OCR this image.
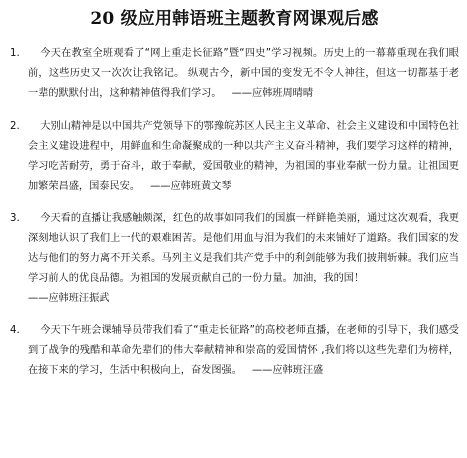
20 级应用韩语班主题教育网课观后感
1.	今天在教室全班观看了“网上重走长征路”暨“四史”学习视频。历史上的一幕幕重现在我们眼前，这些历史又一次次让我铭记。 纵观古今，新中国的变发无不令人神往，但这一切都基于老一辈的默默付出，这种精神值得我们学习。 ——应韩班周晴晴
2.	大别山精神是以中国共产党领导下的鄂豫皖苏区人民主主义革命、社会主义建设和中国特色社会主义建设进程中，用鲜血和生命凝聚成的一种以共产主义奋斗精神，我们要学习这样的精神，学习吃苦耐劳，勇于奋斗，敢于奉献，爱国敬业的精神，为祖国的事业奉献一份力量。让祖国更加繁荣昌盛，国泰民安。 ——应韩班黄文琴
3.	今天看的直播让我感触颇深，红色的故事如同我们的国旗一样鲜艳美丽，通过这次观看，我更深刻地认识了我们上一代的艰难困苦。是他们用血与泪为我们的未来铺好了道路。我们国家的发达与他们的努力离不开关系。马列主义是我们共产党手中的利剑能够为我们披荆斩棘。我们应当学习前人的优良品德。为祖国的发展贡献自己的一份力量。加油，我的国！
——应韩班汪振武
4.	今天下午班会课辅导员带我们看了“重走长征路”的高校老师直播，在老师的引导下，我们感受到了战争的残酷和革命先辈们的伟大奉献精神和崇高的爱国情怀 ,我们将以这些先辈们为榜样，在接下来的学习，生活中积极向上，奋发图强。 ——应韩班汪盛
